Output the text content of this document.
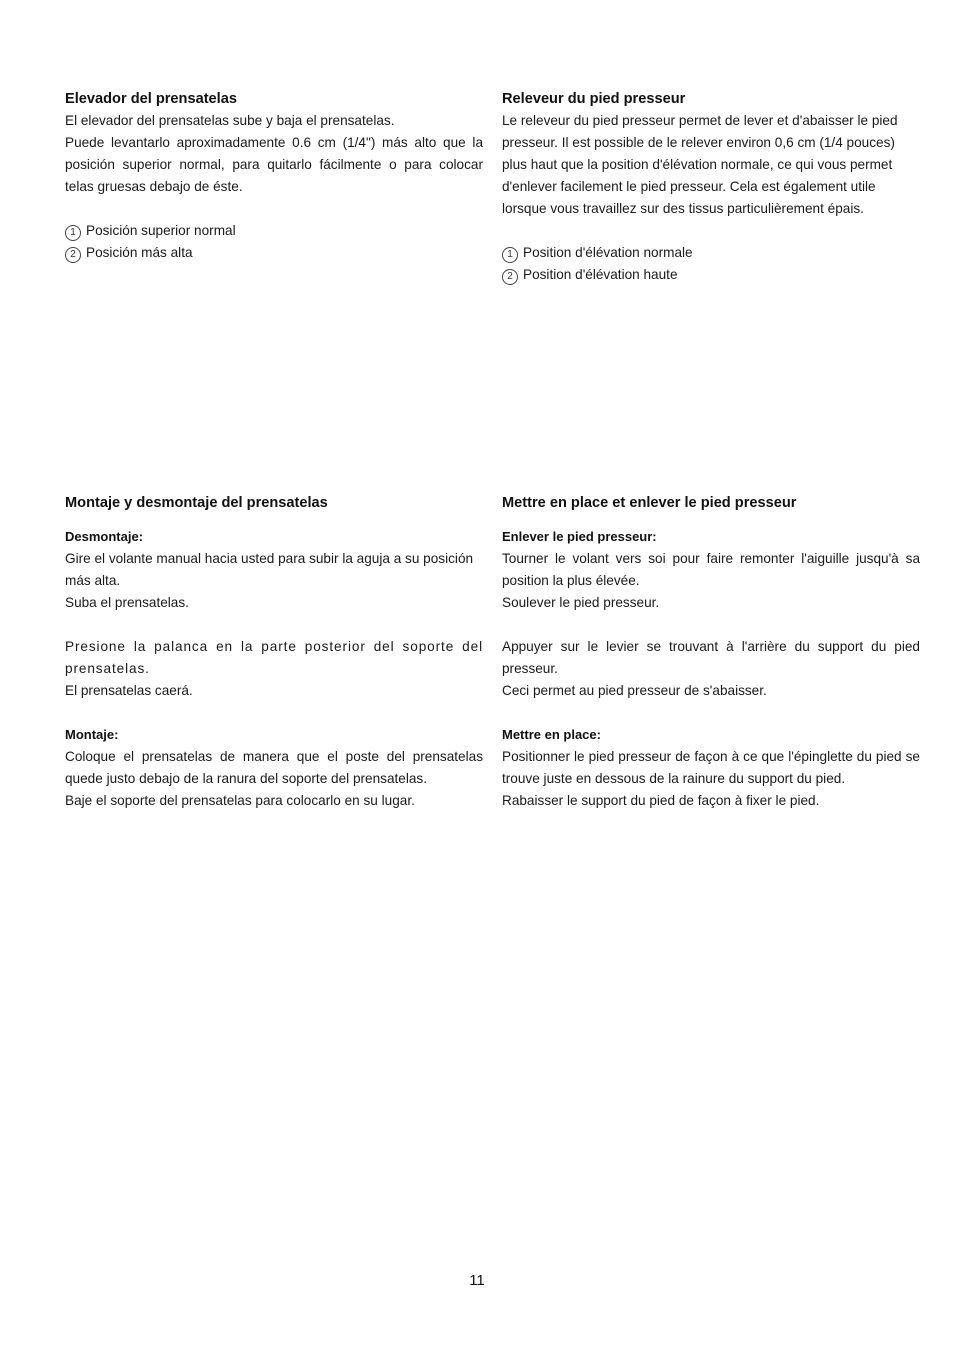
Elevador del prensatelas

El elevador del prensatelas sube y baja el prensatelas.

Puede levantarlo aproximadamente 0.6 cm (1/4") más alto que la posición superior normal, para quitarlo fácilmente o para colocar telas gruesas debajo de éste.

1 Posición superior normal
2 Posición más alta
Releveur du pied presseur

Le releveur du pied presseur permet de lever et d'abaisser le pied presseur. Il est possible de le relever environ 0,6 cm (1/4 pouces) plus haut que la position d'élévation normale, ce qui vous permet d'enlever facilement le pied presseur. Cela est également utile lorsque vous travaillez sur des tissus particulièrement épais.

1 Position d'élévation normale
2 Position d'élévation haute
Montaje y desmontaje del prensatelas
Desmontaje:

Gire el volante manual hacia usted para subir la aguja a su posición más alta.

Suba el prensatelas.

Presione la palanca en la parte posterior del soporte del prensatelas.

El prensatelas caerá.

Montaje:

Coloque el prensatelas de manera que el poste del prensatelas quede justo debajo de la ranura del soporte del prensatelas.

Baje el soporte del prensatelas para colocarlo en su lugar.

Mettre en place et enlever le pied presseur
Enlever le pied presseur:

Tourner le volant vers soi pour faire remonter l'aiguille jusqu'à sa position la plus élevée.

Soulever le pied presseur.

Appuyer sur le levier se trouvant à l'arrière du support du pied presseur.

Ceci permet au pied presseur de s'abaisser.

Mettre en place:

Positionner le pied presseur de façon à ce que l'épinglette du pied se trouve juste en dessous de la rainure du support du pied.

Rabaisser le support du pied de façon à fixer le pied.

11
